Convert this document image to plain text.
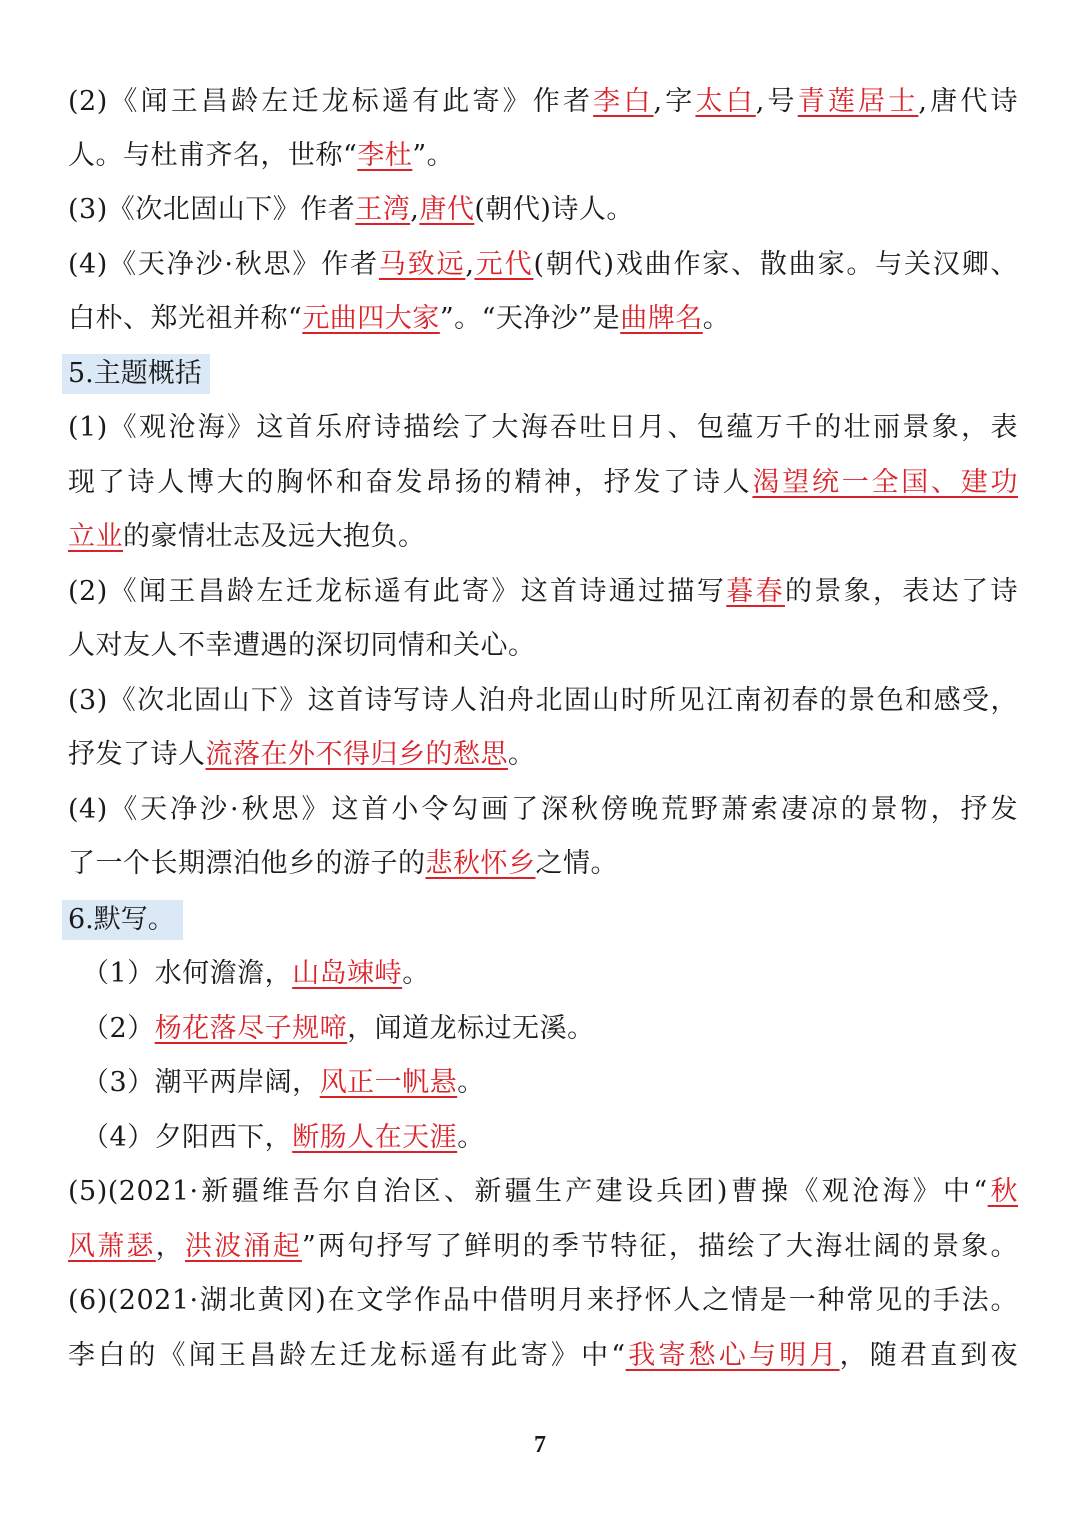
(2)《闻王昌龄左迁龙标遥有此寄》作者李白,字太白,号青莲居士,唐代诗
人。与杜甫齐名，世称“李杜”。
(3)《次北固山下》作者王湾,唐代(朝代)诗人。
(4)《天净沙·秋思》作者马致远,元代(朝代)戏曲作家、散曲家。与关汉卿、
白朴、郑光祖并称“元曲四大家”。“天净沙”是曲牌名。
5.主题概括
(1)《观沧海》这首乐府诗描绘了大海吞吐日月、包蕴万千的壮丽景象，表
现了诗人博大的胸怀和奋发昂扬的精神，抒发了诗人渴望统一全国、建功
立业的豪情壮志及远大抱负。
(2)《闻王昌龄左迁龙标遥有此寄》这首诗通过描写暮春的景象，表达了诗
人对友人不幸遭遇的深切同情和关心。
(3)《次北固山下》这首诗写诗人泊舟北固山时所见江南初春的景色和感受，
抒发了诗人流落在外不得归乡的愁思。
(4)《天净沙·秋思》这首小令勾画了深秋傍晚荒野萧索凄凉的景物，抒发
了一个长期漂泊他乡的游子的悲秋怀乡之情。
6.默写。
（1）水何澹澹，山岛竦峙。
（2）杨花落尽子规啼，闻道龙标过无溪。
（3）潮平两岸阔，风正一帆悬。
（4）夕阳西下，断肠人在天涯。
(5)(2021·新疆维吾尔自治区、新疆生产建设兵团)曹操《观沧海》中“秋
风萧瑟，洪波涌起”两句抒写了鲜明的季节特征，描绘了大海壮阔的景象。
(6)(2021·湖北黄冈)在文学作品中借明月来抒怀人之情是一种常见的手法。
李白的《闻王昌龄左迁龙标遥有此寄》中“我寄愁心与明月，随君直到夜
7
